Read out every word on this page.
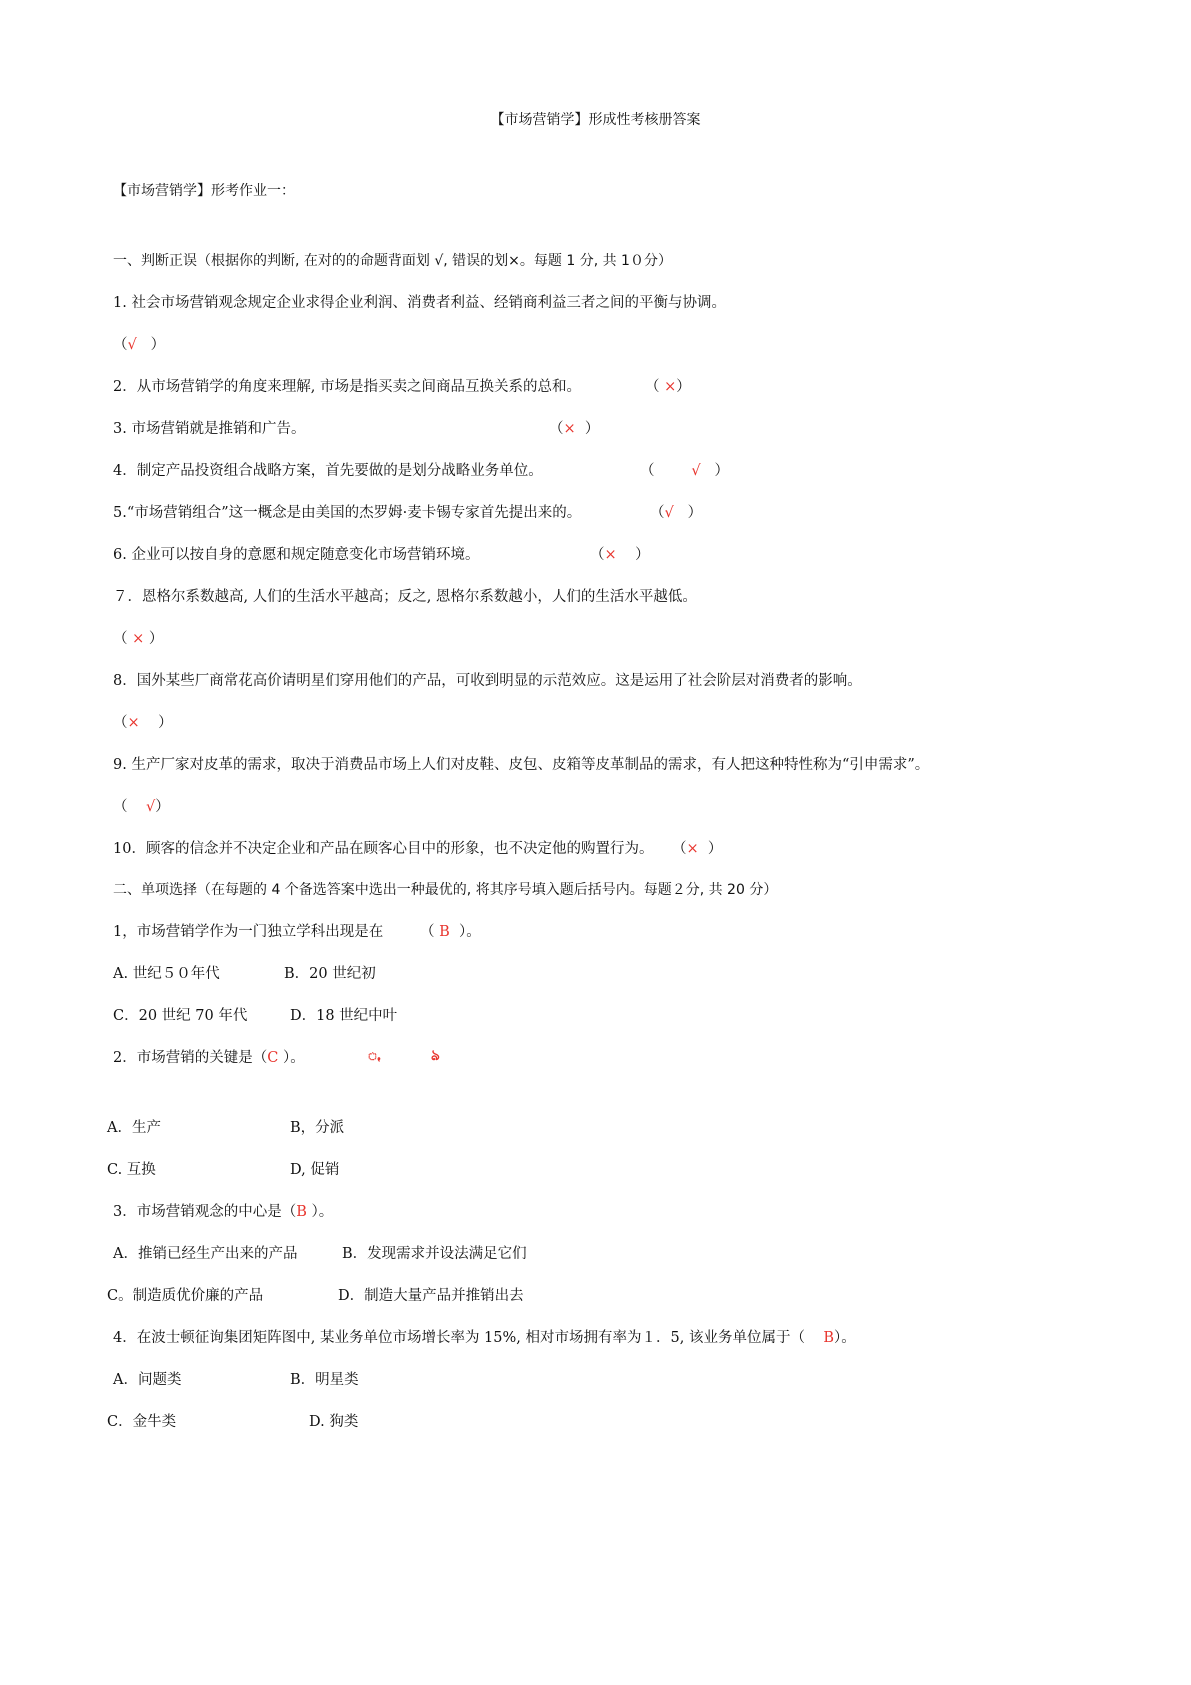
【市场营销学】形成性考核册答案
【市场营销学】形考作业一：
一、判断正误（根据你的判断, 在对的的命题背面划 √, 错误的划×。每题 1 分, 共 1０分）
1. 社会市场营销观念规定企业求得企业利润、消费者利益、经销商利益三者之间的平衡与协调。
（√ ）
2．从市场营销学的角度来理解, 市场是指买卖之间商品互换关系的总和。	（ ×）
3. 市场营销就是推销和广告。	（× ）
4．制定产品投资组合战略方案，首先要做的是划分战略业务单位。	（	√ ）
5.“市场营销组合”这一概念是由美国的杰罗姆·麦卡锡专家首先提出来的。	（√ ）
6. 企业可以按自身的意愿和规定随意变化市场营销环境。	（× ）
７．恩格尔系数越高, 人们的生活水平越高；反之, 恩格尔系数越小，人们的生活水平越低。
（ × ）
8．国外某些厂商常花高价请明星们穿用他们的产品，可收到明显的示范效应。这是运用了社会阶层对消费者的影响。
（× ）
9. 生产厂家对皮革的需求，取决于消费品市场上人们对皮鞋、皮包、皮箱等皮革制品的需求，有人把这种特性称为“引申需求”。
（ √）
10．顾客的信念并不决定企业和产品在顾客心目中的形象，也不决定他的购置行为。 （× ）
二、单项选择（在每题的 4 个备选答案中选出一种最优的, 将其序号填入题后括号内。每题２分, 共 20 分）
1，市场营销学作为一门独立学科出现是在	（ B ）。
A. 世纪５０年代	B．20 世纪初
C．20 世纪 70 年代	D．18 世纪中叶
2．市场营销的关键是（C ）。	ꩻ	ঌ
A．生产	B，分派
C. 互换	D, 促销
3．市场营销观念的中心是（B ）。
A．推销已经生产出来的产品	B．发现需求并设法满足它们
C。制造质优价廉的产品	D．制造大量产品并推销出去
4．在波士顿征询集团矩阵图中, 某业务单位市场增长率为 15%, 相对市场拥有率为１．5, 该业务单位属于（ B）。
A．问题类	B．明星类
C．金牛类	D. 狗类
